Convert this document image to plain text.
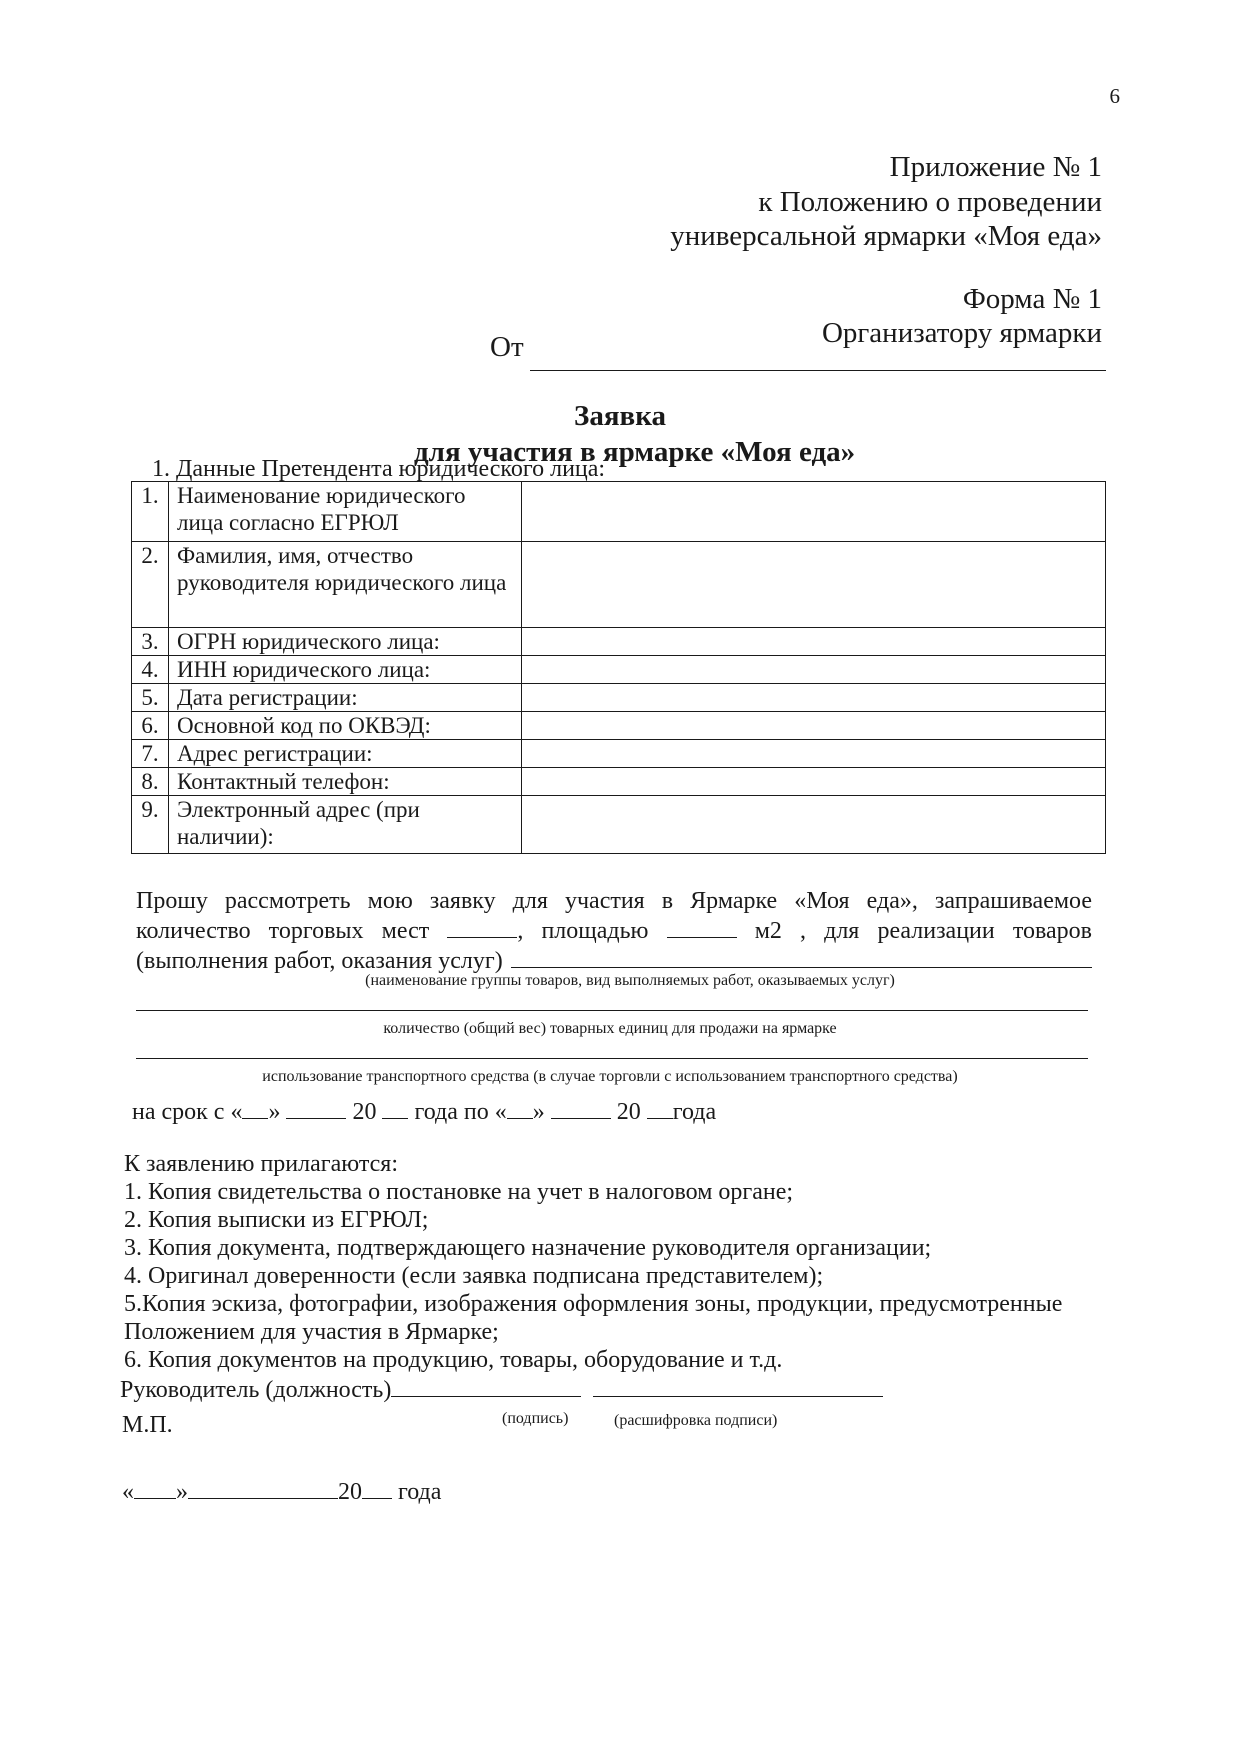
6
Приложение № 1
к Положению о проведении
универсальной ярмарки «Моя еда»
Форма № 1
Организатору ярмарки
От
Заявка
для участия в ярмарке «Моя еда»
1. Данные Претендента юридического лица:
1.	Наименование юридического лица согласно ЕГРЮЛ	
2.	Фамилия, имя, отчество руководителя юридического лица	
3.	ОГРН юридического лица:	
4.	ИНН юридического лица:	
5.	Дата регистрации:	
6.	Основной код по ОКВЭД:	
7.	Адрес регистрации:	
8.	Контактный телефон:	
9.	Электронный адрес (при наличии):	
Прошу рассмотреть мою заявку для участия в Ярмарке «Моя еда», запрашиваемое
количество торговых мест	, площадью	м2 , для реализации товаров
(выполнения работ, оказания услуг)
(наименование группы товаров, вид выполняемых работ, оказываемых услуг)
количество (общий вес) товарных единиц для продажи на ярмарке
использование транспортного средства (в случае торговли с использованием транспортного средства)
на срок с « »	20 года по « »	20 года
К заявлению прилагаются:
1. Копия свидетельства о постановке на учет в налоговом органе;
2. Копия выписки из ЕГРЮЛ;
3. Копия документа, подтверждающего назначение руководителя организации;
4. Оригинал доверенности (если заявка подписана представителем);
5.Копия эскиза, фотографии, изображения оформления зоны, продукции, предусмотренные Положением для участия в Ярмарке;
6. Копия документов на продукцию, товары, оборудование и т.д.
Руководитель (должность)
(подпись)	(расшифровка подписи)
М.П.
« »	20 года
